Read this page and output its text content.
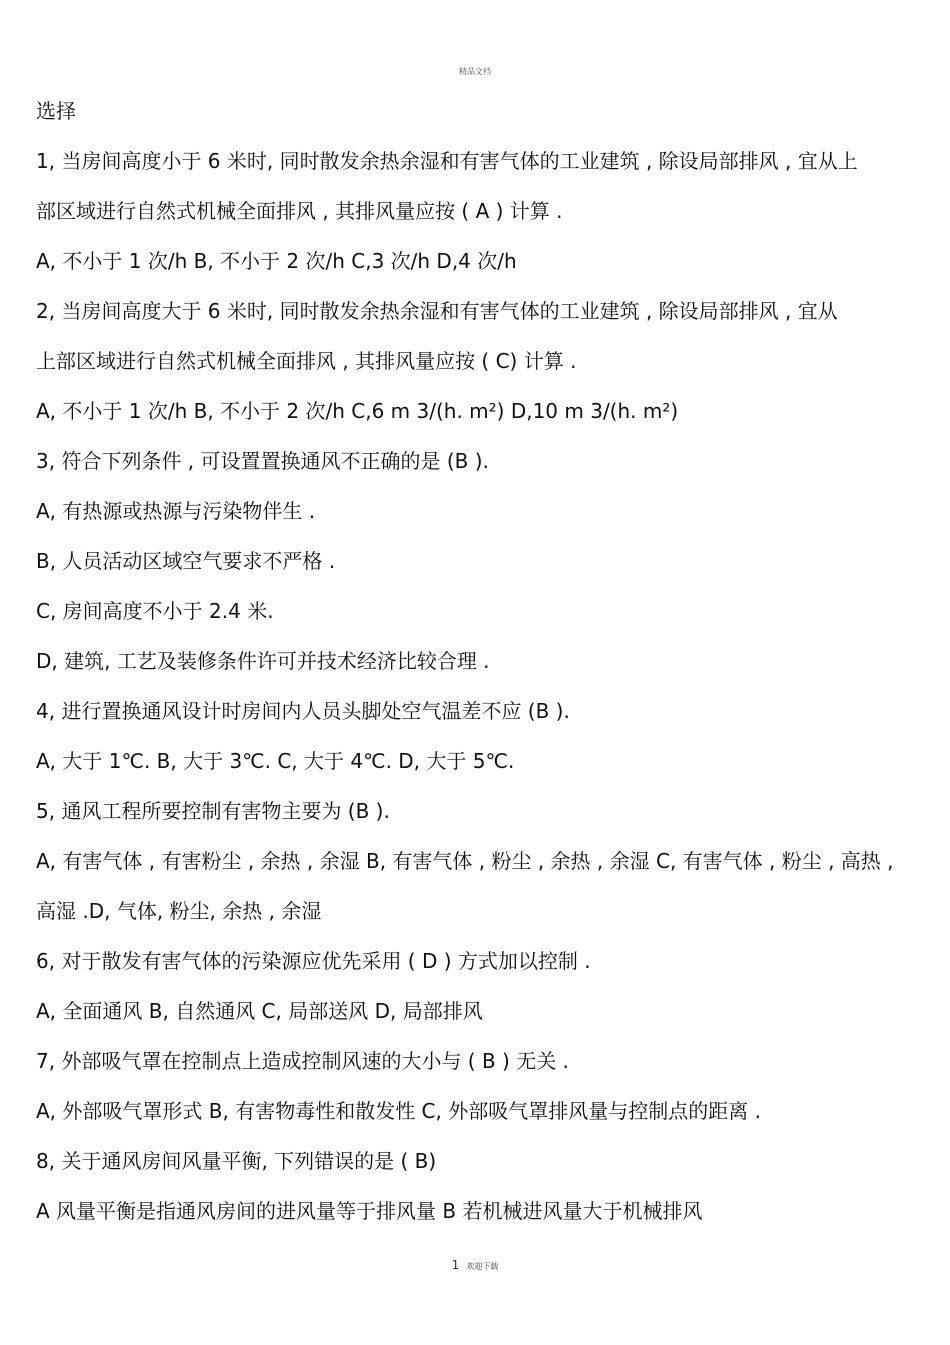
精品文档
选择
1, 当房间高度小于 6 米时, 同时散发余热余湿和有害气体的工业建筑 , 除设局部排风 , 宜从上
部区域进行自然式机械全面排风 , 其排风量应按 ( A ) 计算 .
A, 不小于 1 次/h B, 不小于 2 次/h C,3 次/h D,4 次/h
2, 当房间高度大于 6 米时, 同时散发余热余湿和有害气体的工业建筑 , 除设局部排风 , 宜从
上部区域进行自然式机械全面排风 , 其排风量应按 ( C) 计算 .
A, 不小于 1 次/h B, 不小于 2 次/h C,6 m 3/(h. m²) D,10 m 3/(h. m²)
3, 符合下列条件 , 可设置置换通风不正确的是 (B ).
A, 有热源或热源与污染物伴生 .
B, 人员活动区域空气要求不严格 .
C, 房间高度不小于 2.4 米.
D, 建筑, 工艺及装修条件许可并技术经济比较合理 .
4, 进行置换通风设计时房间内人员头脚处空气温差不应 (B ).
A, 大于 1℃. B, 大于 3℃. C, 大于 4℃. D, 大于 5℃.
5, 通风工程所要控制有害物主要为 (B ).
A, 有害气体 , 有害粉尘 , 余热 , 余湿 B, 有害气体 , 粉尘 , 余热 , 余湿 C, 有害气体 , 粉尘 , 高热 ,
高湿 .D, 气体, 粉尘, 余热 , 余湿
6, 对于散发有害气体的污染源应优先采用 ( D ) 方式加以控制 .
A, 全面通风 B, 自然通风 C, 局部送风 D, 局部排风
7, 外部吸气罩在控制点上造成控制风速的大小与 ( B ) 无关 .
A, 外部吸气罩形式 B, 有害物毒性和散发性 C, 外部吸气罩排风量与控制点的距离 .
8, 关于通风房间风量平衡, 下列错误的是 ( B)
A 风量平衡是指通风房间的进风量等于排风量 B 若机械进风量大于机械排风
1 欢迎下载
